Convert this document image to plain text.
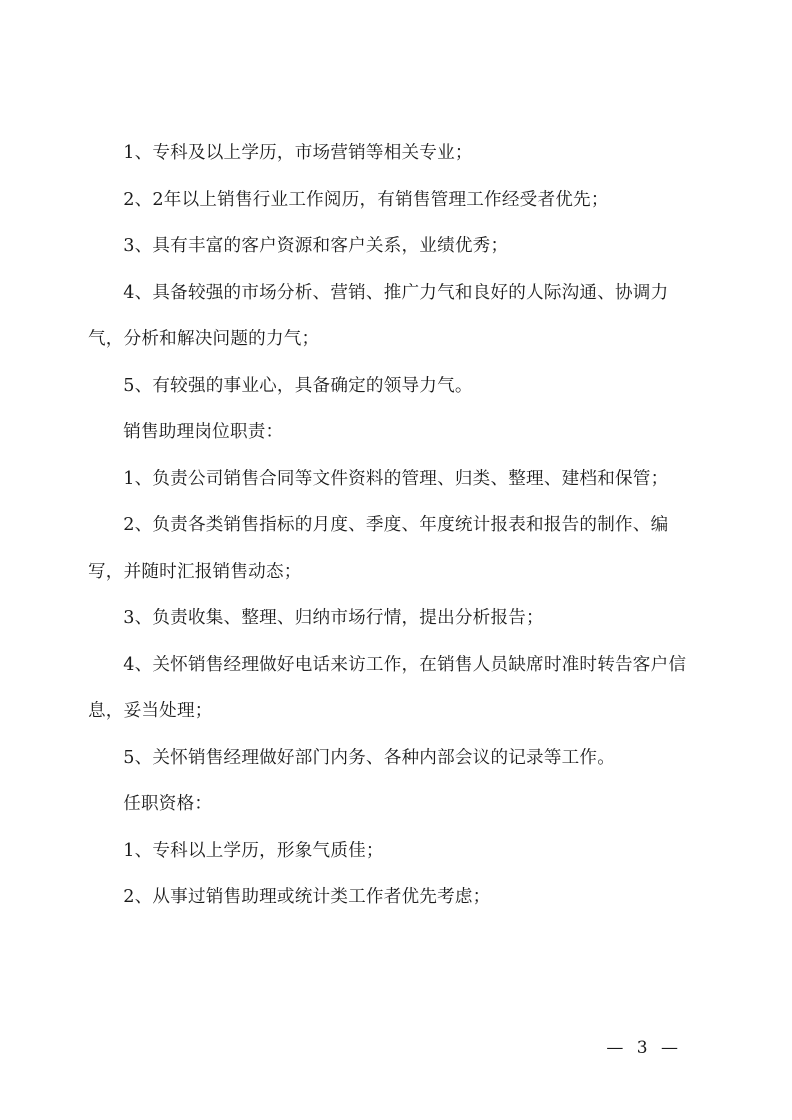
1、专科及以上学历，市场营销等相关专业；

2、2年以上销售行业工作阅历，有销售管理工作经受者优先；

3、具有丰富的客户资源和客户关系，业绩优秀；

4、具备较强的市场分析、营销、推广力气和良好的人际沟通、协调力气，分析和解决问题的力气；

5、有较强的事业心，具备确定的领导力气。

销售助理岗位职责：

1、负责公司销售合同等文件资料的管理、归类、整理、建档和保管；

2、负责各类销售指标的月度、季度、年度统计报表和报告的制作、编写，并随时汇报销售动态；

3、负责收集、整理、归纳市场行情，提出分析报告；

4、关怀销售经理做好电话来访工作，在销售人员缺席时准时转告客户信息，妥当处理；

5、关怀销售经理做好部门内务、各种内部会议的记录等工作。

任职资格：

1、专科以上学历，形象气质佳；

2、从事过销售助理或统计类工作者优先考虑；

— 3 —
